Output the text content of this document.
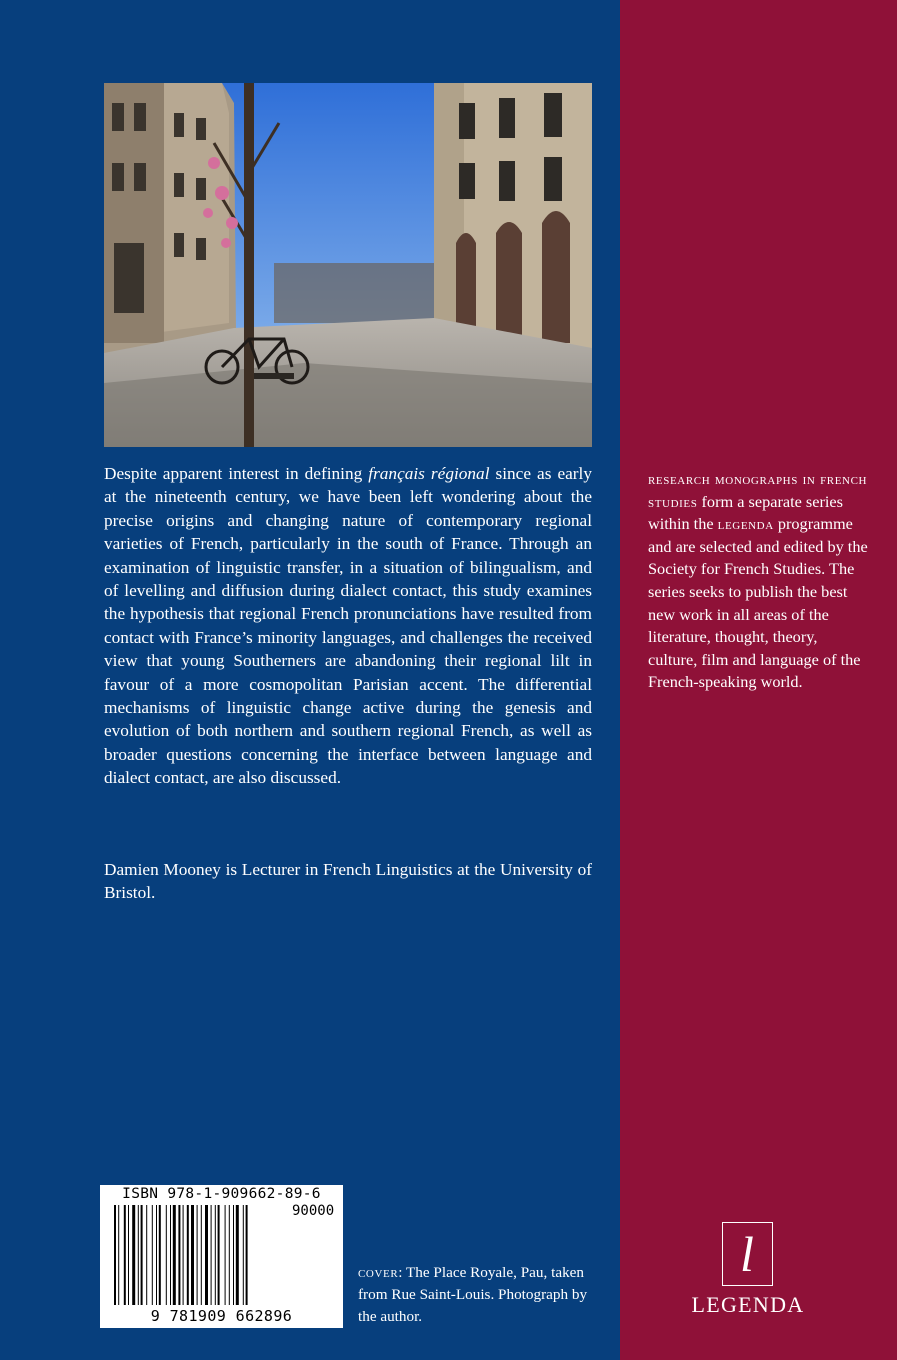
Despite apparent interest in defining français régional since as early at the nineteenth century, we have been left wondering about the precise origins and changing nature of contemporary regional varieties of French, particularly in the south of France. Through an examination of linguistic transfer, in a situation of bilingualism, and of levelling and diffusion during dialect contact, this study examines the hypothesis that regional French pronunciations have resulted from contact with France’s minority languages, and challenges the received view that young Southerners are abandoning their regional lilt in favour of a more cosmopolitan Parisian accent. The differential mechanisms of linguistic change active during the genesis and evolution of both northern and southern regional French, as well as broader questions concerning the interface between language and dialect contact, are also discussed.

Damien Mooney is Lecturer in French Linguistics at the University of Bristol.
research monographs in french studies form a separate series within the legenda programme and are selected and edited by the Society for French Studies. The series seeks to publish the best new work in all areas of the literature, thought, theory, culture, film and language of the French-speaking world.
ISBN 978-1-909662-89-6
90000
9 781909 662896
cover: The Place Royale, Pau, taken from Rue Saint-Louis. Photograph by the author.
l
LEGENDA
